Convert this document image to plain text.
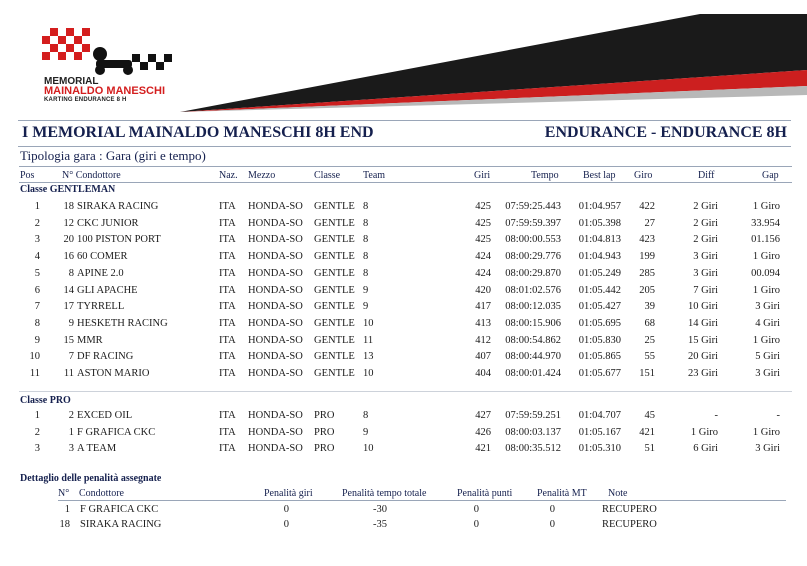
MEMORIAL
MAINALDO MANESCHI
KARTING ENDURANCE 8 H
I MEMORIAL MAINALDO MANESCHI 8H END	ENDURANCE - ENDURANCE 8H
Tipologia gara : Gara (giri e tempo)
Pos	N° Condottore	Naz. Mezzo	Classe Team	Giri	Tempo Best lap Giro	Diff	Gap
Classe GENTLEMAN
1 18 SIRAKA RACING	ITA HONDA-SO GENTLE 8	425 07:59:25.443 01:04.957 422	2 Giri	1 Giro
2 12 CKC JUNIOR	ITA HONDA-SO GENTLE 8	425 07:59:59.397 01:05.398 27	2 Giri	33.954
3 20 100 PISTON PORT	ITA HONDA-SO GENTLE 8	425 08:00:00.553 01:04.813 423	2 Giri	01.156
4 16 60 COMER	ITA HONDA-SO GENTLE 8	424 08:00:29.776 01:04.943 199	3 Giri	1 Giro
5	8 APINE 2.0	ITA HONDA-SO GENTLE 8	424 08:00:29.870 01:05.249 285	3 Giri	00.094
6 14 GLI APACHE	ITA HONDA-SO GENTLE 9	420 08:01:02.576 01:05.442 205	7 Giri	1 Giro
7 17 TYRRELL	ITA HONDA-SO GENTLE 9	417 08:00:12.035 01:05.427 39	10 Giri	3 Giri
8	9 HESKETH RACING	ITA HONDA-SO GENTLE 10	413 08:00:15.906 01:05.695 68	14 Giri	4 Giri
9 15 MMR	ITA HONDA-SO GENTLE 11	412 08:00:54.862 01:05.830 25	15 Giri	1 Giro
10	7 DF RACING	ITA HONDA-SO GENTLE 13	407 08:00:44.970 01:05.865 55	20 Giri	5 Giri
11 11 ASTON MARIO	ITA HONDA-SO GENTLE 10	404 08:00:01.424 01:05.677 151	23 Giri	3 Giri
Classe PRO
1	2 EXCED OIL	ITA HONDA-SO PRO	8	427 07:59:59.251 01:04.707 45	-	-
2	1 F GRAFICA CKC	ITA HONDA-SO PRO	9	426 08:00:03.137 01:05.167 421	1 Giro	1 Giro
3	3 A TEAM	ITA HONDA-SO PRO	10	421 08:00:35.512 01:05.310 51	6 Giri	3 Giri
Dettaglio delle penalità assegnate
N° Condottore	Penalità giri	Penalità tempo totale	Penalità punti Penalità MT Note
1 F GRAFICA CKC	0	-30	0	0	RECUPERO
18 SIRAKA RACING	0	-35	0	0	RECUPERO
